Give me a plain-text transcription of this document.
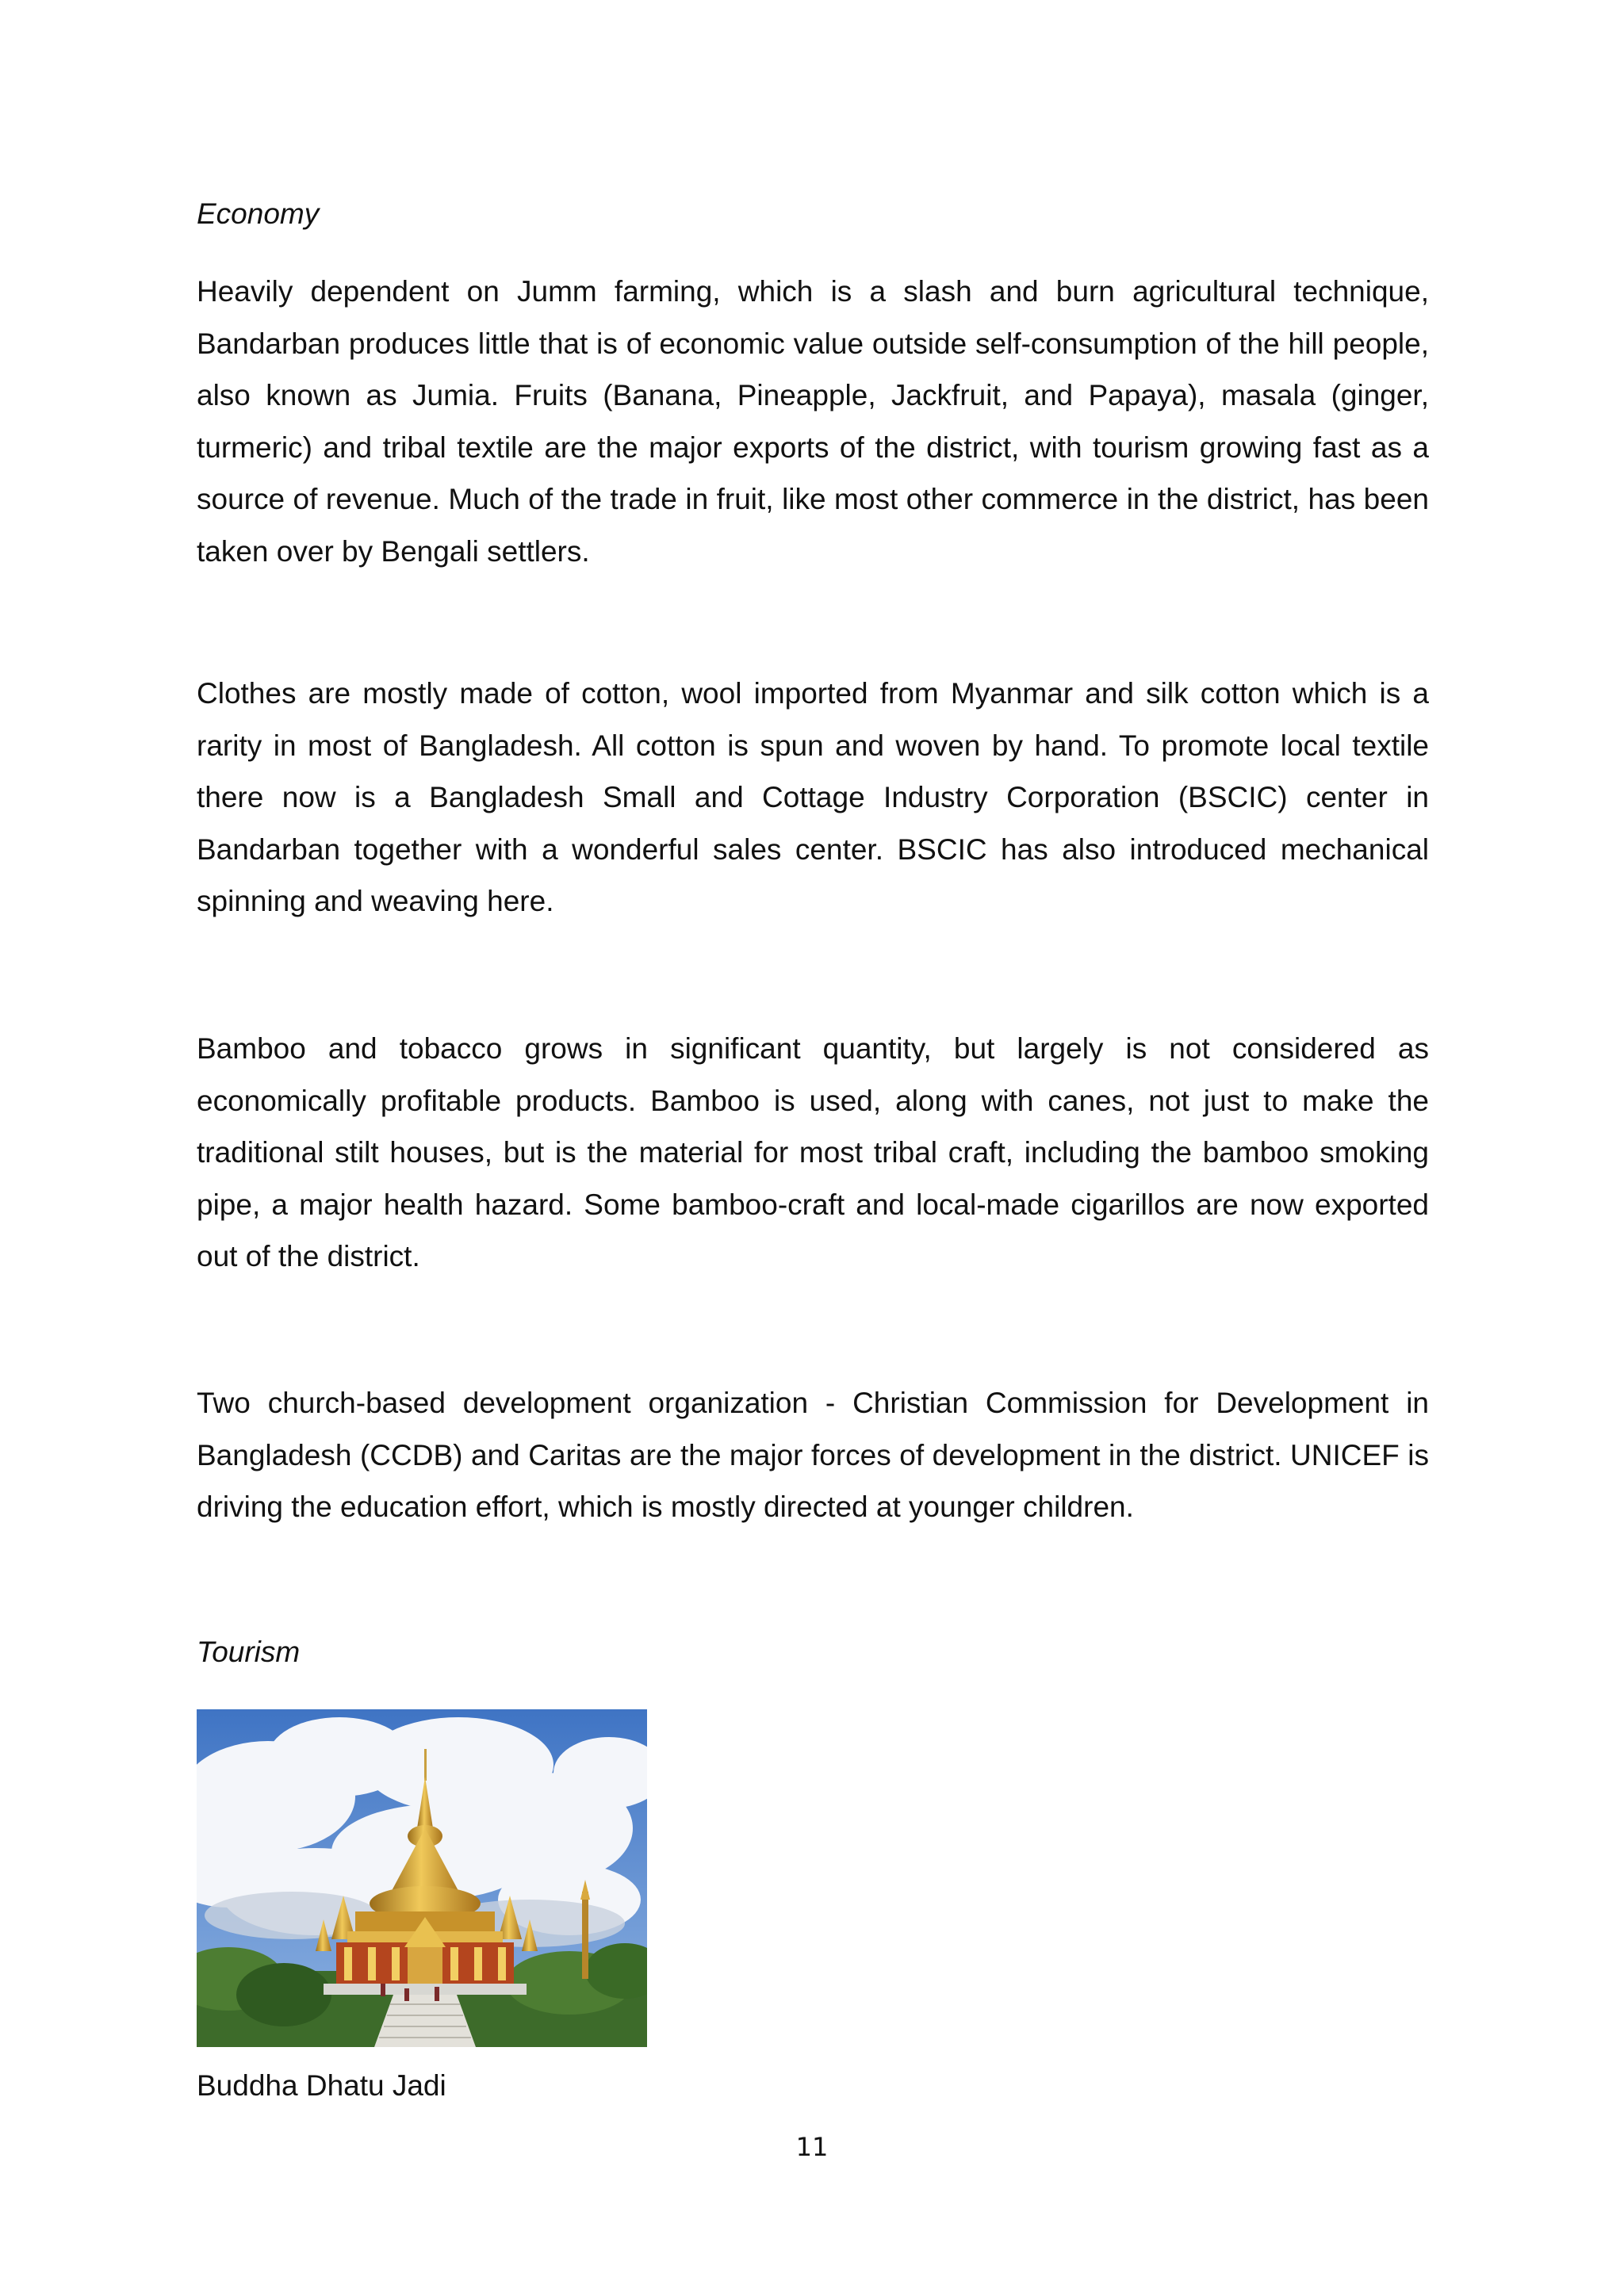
Economy

Heavily dependent on Jumm farming, which is a slash and burn agricultural technique, Bandarban produces little that is of economic value outside self-consumption of the hill people, also known as Jumia. Fruits (Banana, Pineapple, Jackfruit, and Papaya), masala (ginger, turmeric) and tribal textile are the major exports of the district, with tourism growing fast as a source of revenue. Much of the trade in fruit, like most other commerce in the district, has been taken over by Bengali settlers.

Clothes are mostly made of cotton, wool imported from Myanmar and silk cotton which is a rarity in most of Bangladesh. All cotton is spun and woven by hand. To promote local textile there now is a Bangladesh Small and Cottage Industry Corporation (BSCIC) center in Bandarban together with a wonderful sales center. BSCIC has also introduced mechanical spinning and weaving here.

Bamboo and tobacco grows in significant quantity, but largely is not considered as economically profitable products. Bamboo is used, along with canes, not just to make the traditional stilt houses, but is the material for most tribal craft, including the bamboo smoking pipe, a major health hazard. Some bamboo-craft and local-made cigarillos are now exported out of the district.

Two church-based development organization - Christian Commission for Development in Bangladesh (CCDB) and Caritas are the major forces of development in the district. UNICEF is driving the education effort, which is mostly directed at younger children.

Tourism

Buddha Dhatu Jadi

11
